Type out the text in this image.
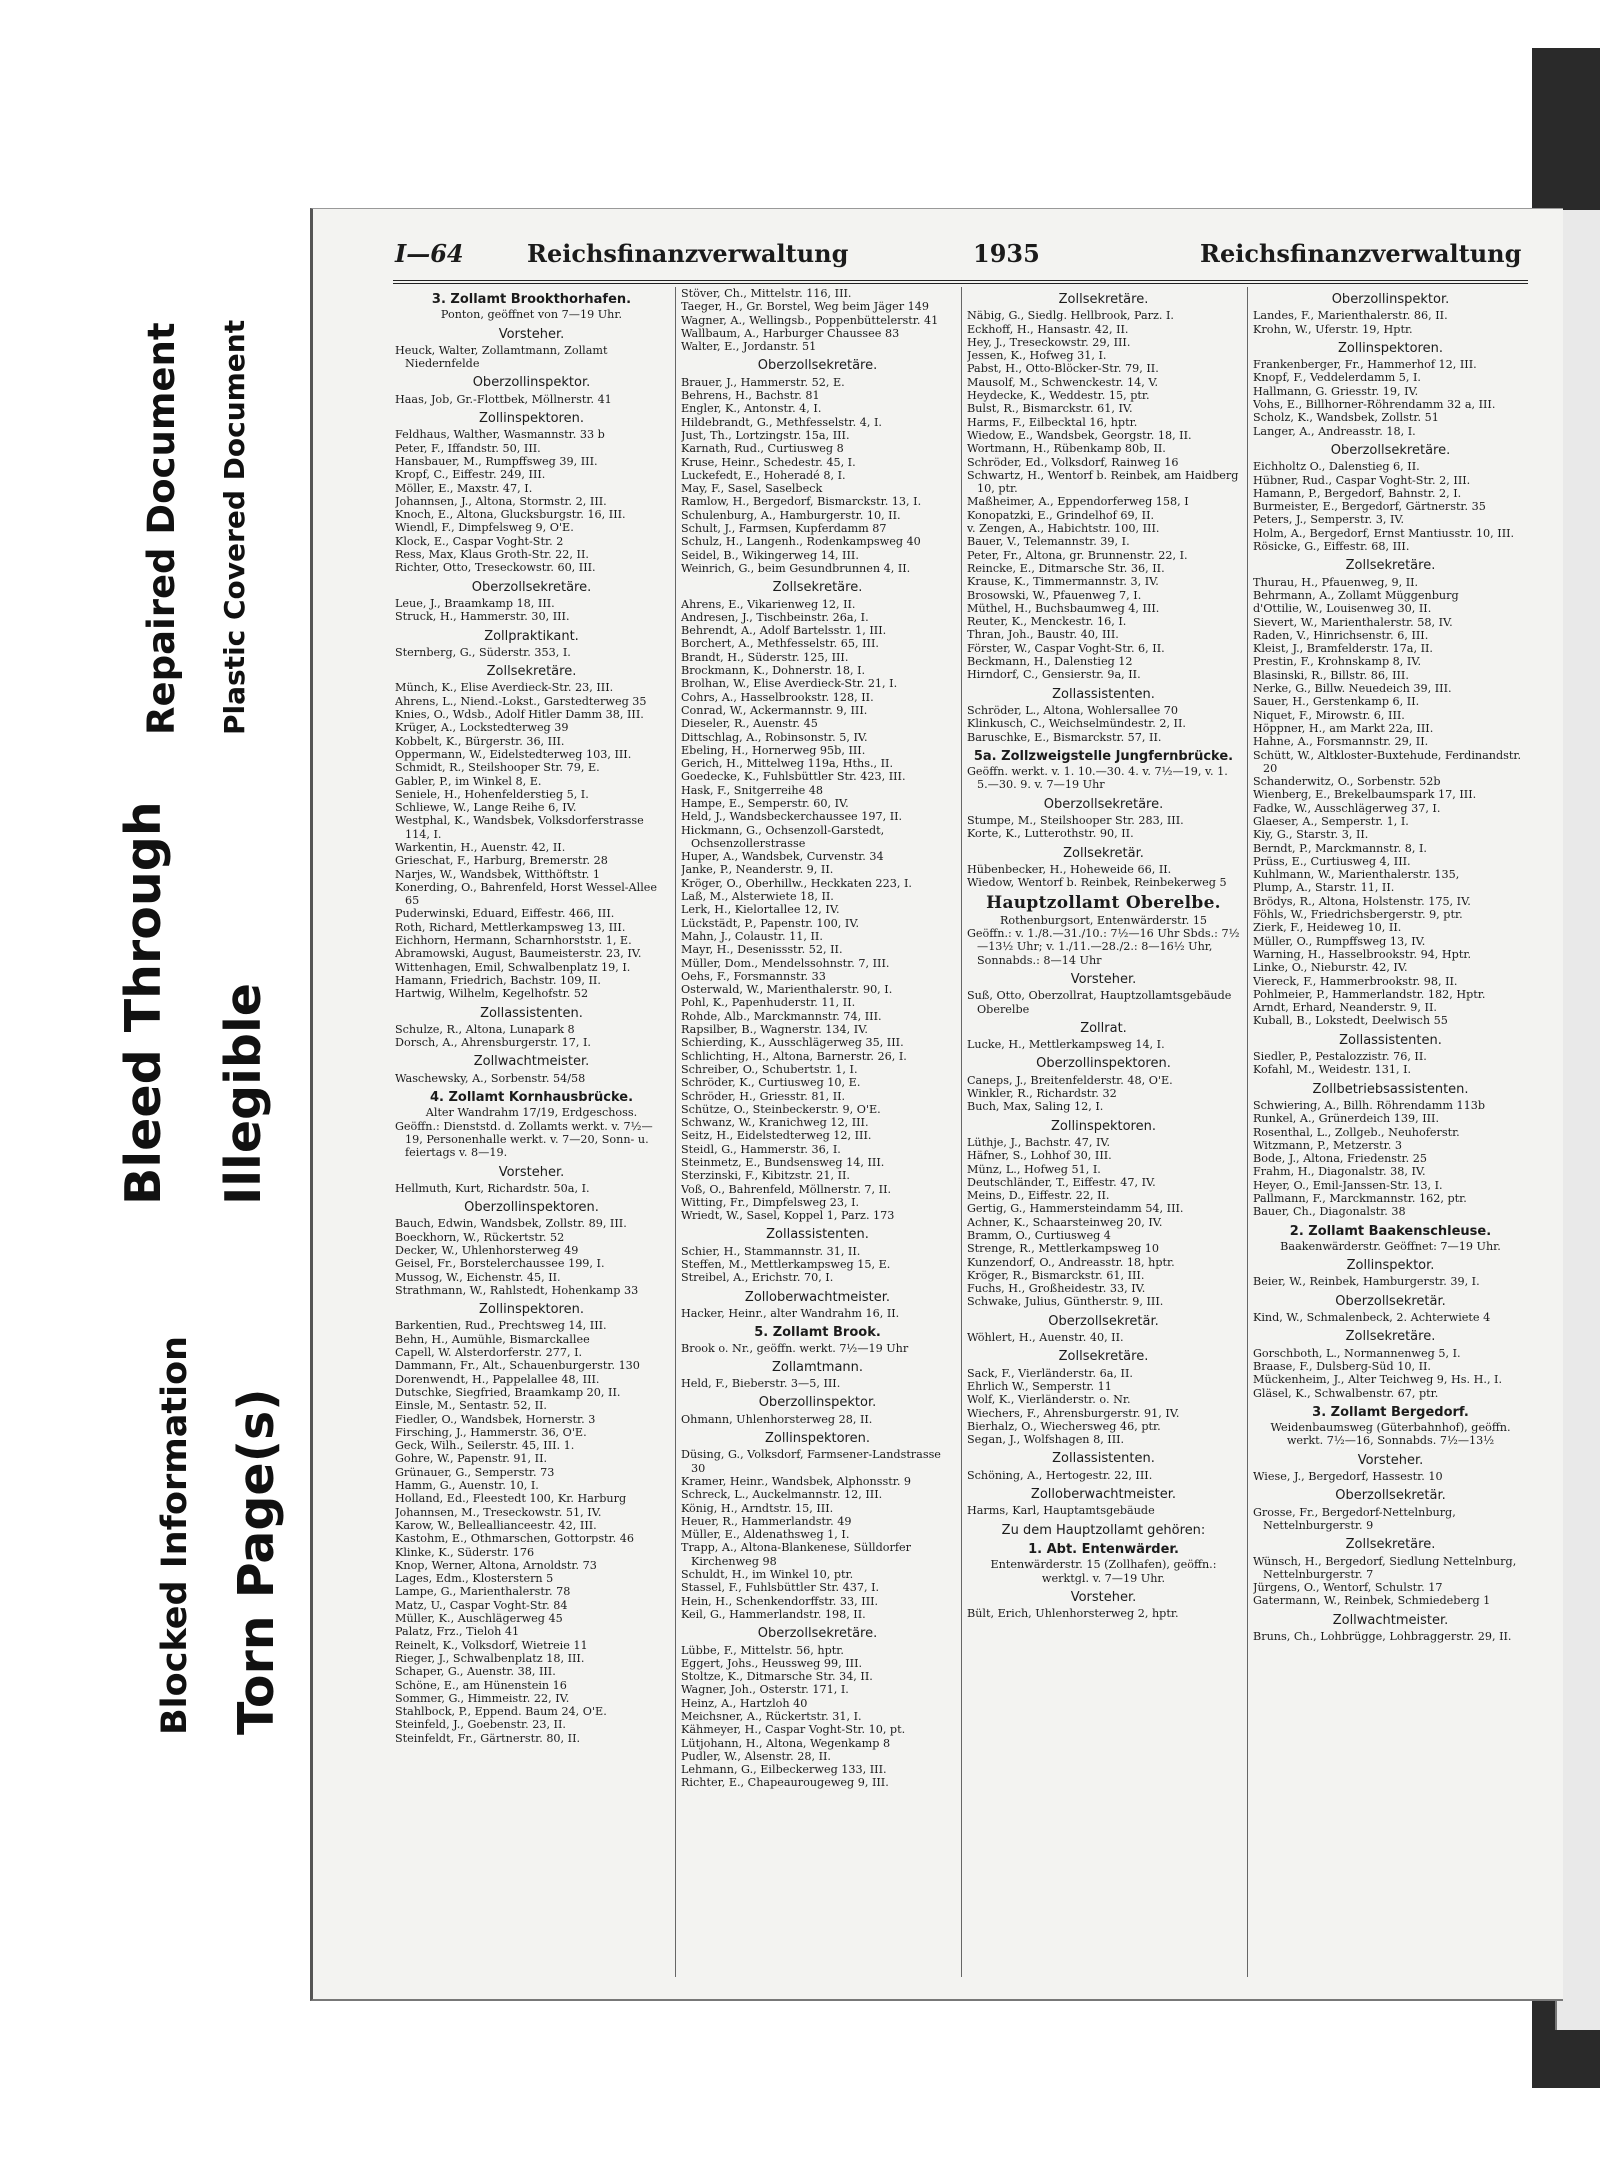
Repaired Document Plastic Covered Document
Bleed Through Illegible
Blocked Information Torn Page(s)
I—64	Reichsfinanzverwaltung	1935	Reichsfinanzverwaltung
3. Zollamt Brookthorhafen.
Ponton, geöffnet von 7—19 Uhr.
Vorsteher.
Heuck, Walter, Zollamtmann, Zollamt Niedernfelde
Oberzollinspektor.
Haas, Job, Gr.-Flottbek, Möllnerstr. 41
Zollinspektoren.
Feldhaus, Walther, Wasmannstr. 33 b
Peter, F., Iffandstr. 50, III.
Hansbauer, M., Rumpffsweg 39, III.
Kropf, C., Eiffestr. 249, III.
Möller, E., Maxstr. 47, I.
Johannsen, J., Altona, Stormstr. 2, III.
Knoch, E., Altona, Glucksburgstr. 16, III.
Wiendl, F., Dimpfelsweg 9, O'E.
Klock, E., Caspar Voght-Str. 2
Ress, Max, Klaus Groth-Str. 22, II.
Richter, Otto, Treseckowstr. 60, III.
Oberzollsekretäre.
Leue, J., Braamkamp 18, III.
Struck, H., Hammerstr. 30, III.
Zollpraktikant.
Sternberg, G., Süderstr. 353, I.
Zollsekretäre.
Münch, K., Elise Averdieck-Str. 23, III.
Ahrens, L., Niend.-Lokst., Garstedterweg 35
Knies, O., Wdsb., Adolf Hitler Damm 38, III.
Krüger, A., Lockstedterweg 39
Kobbelt, K., Bürgerstr. 36, III.
Oppermann, W., Eidelstedterweg 103, III.
Schmidt, R., Steilshooper Str. 79, E.
Gabler, P., im Winkel 8, E.
Seniele, H., Hohenfelderstieg 5, I.
Schliewe, W., Lange Reihe 6, IV.
Westphal, K., Wandsbek, Volksdorferstrasse 114, I.
Warkentin, H., Auenstr. 42, II.
Grieschat, F., Harburg, Bremerstr. 28
Narjes, W., Wandsbek, Witthöftstr. 1
Konerding, O., Bahrenfeld, Horst Wessel-Allee 65
Puderwinski, Eduard, Eiffestr. 466, III.
Roth, Richard, Mettlerkampsweg 13, III.
Eichhorn, Hermann, Scharnhorststr. 1, E.
Abramowski, August, Baumeisterstr. 23, IV.
Wittenhagen, Emil, Schwalbenplatz 19, I.
Hamann, Friedrich, Bachstr. 109, II.
Hartwig, Wilhelm, Kegelhofstr. 52
Zollassistenten.
Schulze, R., Altona, Lunapark 8
Dorsch, A., Ahrensburgerstr. 17, I.
Zollwachtmeister.
Waschewsky, A., Sorbenstr. 54/58
4. Zollamt Kornhausbrücke.
Alter Wandrahm 17/19, Erdgeschoss.
Geöffn.: Dienststd. d. Zollamts werkt. v. 7½—19, Personenhalle werkt. v. 7—20, Sonn- u. feiertags v. 8—19.
Vorsteher.
Hellmuth, Kurt, Richardstr. 50a, I.
Oberzollinspektoren.
Bauch, Edwin, Wandsbek, Zollstr. 89, III.
Boeckhorn, W., Rückertstr. 52
Decker, W., Uhlenhorsterweg 49
Geisel, Fr., Borstelerchaussee 199, I.
Mussog, W., Eichenstr. 45, II.
Strathmann, W., Rahlstedt, Hohenkamp 33
Zollinspektoren.
Barkentien, Rud., Prechtsweg 14, III.
Behn, H., Aumühle, Bismarckallee
Capell, W. Alsterdorferstr. 277, I.
Dammann, Fr., Alt., Schauenburgerstr. 130
Dorenwendt, H., Pappelallee 48, III.
Dutschke, Siegfried, Braamkamp 20, II.
Einsle, M., Sentastr. 52, II.
Fiedler, O., Wandsbek, Hornerstr. 3
Firsching, J., Hammerstr. 36, O'E.
Geck, Wilh., Seilerstr. 45, III. 1.
Gohre, W., Papenstr. 91, II.
Grünauer, G., Semperstr. 73
Hamm, G., Auenstr. 10, I.
Holland, Ed., Fleestedt 100, Kr. Harburg
Johannsen, M., Treseckowstr. 51, IV.
Karow, W., Belleallianceestr. 42, III.
Kastohm, E., Othmarschen, Gottorpstr. 46
Klinke, K., Süderstr. 176
Knop, Werner, Altona, Arnoldstr. 73
Lages, Edm., Klosterstern 5
Lampe, G., Marienthalerstr. 78
Matz, U., Caspar Voght-Str. 84
Müller, K., Auschlägerweg 45
Palatz, Frz., Tieloh 41
Reinelt, K., Volksdorf, Wietreie 11
Rieger, J., Schwalbenplatz 18, III.
Schaper, G., Auenstr. 38, III.
Schöne, E., am Hünenstein 16
Sommer, G., Himmeistr. 22, IV.
Stahlbock, P., Eppend. Baum 24, O'E.
Steinfeld, J., Goebenstr. 23, II.
Steinfeldt, Fr., Gärtnerstr. 80, II.
Stöver, Ch., Mittelstr. 116, III.
Taeger, H., Gr. Borstel, Weg beim Jäger 149
Wagner, A., Wellingsb., Poppenbüttelerstr. 41
Wallbaum, A., Harburger Chaussee 83
Walter, E., Jordanstr. 51
Oberzollsekretäre.
Brauer, J., Hammerstr. 52, E.
Behrens, H., Bachstr. 81
Engler, K., Antonstr. 4, I.
Hildebrandt, G., Methfesselstr. 4, I.
Just, Th., Lortzingstr. 15a, III.
Karnath, Rud., Curtiusweg 8
Kruse, Heinr., Schedestr. 45, I.
Luckefedt, E., Hoheradé 8, I.
May, F., Sasel, Saselbeck
Ramlow, H., Bergedorf, Bismarckstr. 13, I.
Schulenburg, A., Hamburgerstr. 10, II.
Schult, J., Farmsen, Kupferdamm 87
Schulz, H., Langenh., Rodenkampsweg 40
Seidel, B., Wikingerweg 14, III.
Weinrich, G., beim Gesundbrunnen 4, II.
Zollsekretäre.
Ahrens, E., Vikarienweg 12, II.
Andresen, J., Tischbeinstr. 26a, I.
Behrendt, A., Adolf Bartelsstr. 1, III.
Borchert, A., Methfesselstr. 65, III.
Brandt, H., Süderstr. 125, III.
Brockmann, K., Dohnerstr. 18, I.
Brolhan, W., Elise Averdieck-Str. 21, I.
Cohrs, A., Hasselbrookstr. 128, II.
Conrad, W., Ackermannstr. 9, III.
Dieseler, R., Auenstr. 45
Dittschlag, A., Robinsonstr. 5, IV.
Ebeling, H., Hornerweg 95b, III.
Gerich, H., Mittelweg 119a, Hths., II.
Goedecke, K., Fuhlsbüttler Str. 423, III.
Hask, F., Snitgerreihe 48
Hampe, E., Semperstr. 60, IV.
Held, J., Wandsbeckerchaussee 197, II.
Hickmann, G., Ochsenzoll-Garstedt, Ochsenzollerstrasse
Huper, A., Wandsbek, Curvenstr. 34
Janke, P., Neanderstr. 9, II.
Kröger, O., Oberhillw., Heckkaten 223, I.
Laß, M., Alsterwiete 18, II.
Lerk, H., Kielortallee 12, IV.
Lückstädt, P., Papenstr. 100, IV.
Mahn, J., Colaustr. 11, II.
Mayr, H., Desenissstr. 52, II.
Müller, Dom., Mendelssohnstr. 7, III.
Oehs, F., Forsmannstr. 33
Osterwald, W., Marienthalerstr. 90, I.
Pohl, K., Papenhuderstr. 11, II.
Rohde, Alb., Marckmannstr. 74, III.
Rapsilber, B., Wagnerstr. 134, IV.
Schierding, K., Ausschlägerweg 35, III.
Schlichting, H., Altona, Barnerstr. 26, I.
Schreiber, O., Schubertstr. 1, I.
Schröder, K., Curtiusweg 10, E.
Schröder, H., Griesstr. 81, II.
Schütze, O., Steinbeckerstr. 9, O'E.
Schwanz, W., Kranichweg 12, III.
Seitz, H., Eidelstedterweg 12, III.
Steidl, G., Hammerstr. 36, I.
Steinmetz, E., Bundsensweg 14, III.
Sterzinski, F., Kibitzstr. 21, II.
Voß, O., Bahrenfeld, Möllnerstr. 7, II.
Witting, Fr., Dimpfelsweg 23, I.
Wriedt, W., Sasel, Koppel 1, Parz. 173
Zollassistenten.
Schier, H., Stammannstr. 31, II.
Steffen, M., Mettlerkampsweg 15, E.
Streibel, A., Erichstr. 70, I.
Zolloberwachtmeister.
Hacker, Heinr., alter Wandrahm 16, II.
5. Zollamt Brook.
Brook o. Nr., geöffn. werkt. 7½—19 Uhr
Zollamtmann.
Held, F., Bieberstr. 3—5, III.
Oberzollinspektor.
Ohmann, Uhlenhorsterweg 28, II.
Zollinspektoren.
Düsing, G., Volksdorf, Farmsener-Landstrasse 30
Kramer, Heinr., Wandsbek, Alphonsstr. 9
Schreck, L., Auckelmannstr. 12, III.
König, H., Arndtstr. 15, III.
Heuer, R., Hammerlandstr. 49
Müller, E., Aldenathsweg 1, I.
Trapp, A., Altona-Blankenese, Sülldorfer Kirchenweg 98
Schuldt, H., im Winkel 10, ptr.
Stassel, F., Fuhlsbüttler Str. 437, I.
Hein, H., Schenkendorffstr. 33, III.
Keil, G., Hammerlandstr. 198, II.
Oberzollsekretäre.
Lübbe, F., Mittelstr. 56, hptr.
Eggert, Johs., Heussweg 99, III.
Stoltze, K., Ditmarsche Str. 34, II.
Wagner, Joh., Osterstr. 171, I.
Heinz, A., Hartzloh 40
Meichsner, A., Rückertstr. 31, I.
Kähmeyer, H., Caspar Voght-Str. 10, pt.
Lütjohann, H., Altona, Wegenkamp 8
Pudler, W., Alsenstr. 28, II.
Lehmann, G., Eilbeckerweg 133, III.
Richter, E., Chapeaurougeweg 9, III.
Zollsekretäre.
Näbig, G., Siedlg. Hellbrook, Parz. I.
Eckhoff, H., Hansastr. 42, II.
Hey, J., Treseckowstr. 29, III.
Jessen, K., Hofweg 31, I.
Pabst, H., Otto-Blöcker-Str. 79, II.
Mausolf, M., Schwenckestr. 14, V.
Heydecke, K., Weddestr. 15, ptr.
Bulst, R., Bismarckstr. 61, IV.
Harms, F., Eilbecktal 16, hptr.
Wiedow, E., Wandsbek, Georgstr. 18, II.
Wortmann, H., Rübenkamp 80b, II.
Schröder, Ed., Volksdorf, Rainweg 16
Schwartz, H., Wentorf b. Reinbek, am Haidberg 10, ptr.
Maßheimer, A., Eppendorferweg 158, I
Konopatzki, E., Grindelhof 69, II.
v. Zengen, A., Habichtstr. 100, III.
Bauer, V., Telemannstr. 39, I.
Peter, Fr., Altona, gr. Brunnenstr. 22, I.
Reincke, E., Ditmarsche Str. 36, II.
Krause, K., Timmermannstr. 3, IV.
Brosowski, W., Pfauenweg 7, I.
Müthel, H., Buchsbaumweg 4, III.
Reuter, K., Menckestr. 16, I.
Thran, Joh., Baustr. 40, III.
Förster, W., Caspar Voght-Str. 6, II.
Beckmann, H., Dalenstieg 12
Hirndorf, C., Gensierstr. 9a, II.
Zollassistenten.
Schröder, L., Altona, Wohlersallee 70
Klinkusch, C., Weichselmündestr. 2, II.
Baruschke, E., Bismarckstr. 57, II.
5a. Zollzweigstelle Jungfernbrücke.
Geöffn. werkt. v. 1. 10.—30. 4. v. 7½—19, v. 1. 5.—30. 9. v. 7—19 Uhr
Oberzollsekretäre.
Stumpe, M., Steilshooper Str. 283, III.
Korte, K., Lutterothstr. 90, II.
Zollsekretär.
Hübenbecker, H., Hoheweide 66, II.
Wiedow, Wentorf b. Reinbek, Reinbekerweg 5
Hauptzollamt Oberelbe.
Rothenburgsort, Entenwärderstr. 15
Geöffn.: v. 1./8.—31./10.: 7½—16 Uhr Sbds.: 7½—13½ Uhr; v. 1./11.—28./2.: 8—16½ Uhr, Sonnabds.: 8—14 Uhr
Vorsteher.
Suß, Otto, Oberzollrat, Hauptzollamtsgebäude Oberelbe
Zollrat.
Lucke, H., Mettlerkampsweg 14, I.
Oberzollinspektoren.
Caneps, J., Breitenfelderstr. 48, O'E.
Winkler, R., Richardstr. 32
Buch, Max, Saling 12, I.
Zollinspektoren.
Lüthje, J., Bachstr. 47, IV.
Häfner, S., Lohhof 30, III.
Münz, L., Hofweg 51, I.
Deutschländer, T., Eiffestr. 47, IV.
Meins, D., Eiffestr. 22, II.
Gertig, G., Hammersteindamm 54, III.
Achner, K., Schaarsteinweg 20, IV.
Bramm, O., Curtiusweg 4
Strenge, R., Mettlerkampsweg 10
Kunzendorf, O., Andreasstr. 18, hptr.
Kröger, R., Bismarckstr. 61, III.
Fuchs, H., Großheidestr. 33, IV.
Schwake, Julius, Güntherstr. 9, III.
Oberzollsekretär.
Wöhlert, H., Auenstr. 40, II.
Zollsekretäre.
Sack, F., Vierländerstr. 6a, II.
Ehrlich W., Semperstr. 11
Wolf, K., Vierländerstr. o. Nr.
Wiechers, F., Ahrensburgerstr. 91, IV.
Bierhalz, O., Wiechersweg 46, ptr.
Segan, J., Wolfshagen 8, III.
Zollassistenten.
Schöning, A., Hertogestr. 22, III.
Zolloberwachtmeister.
Harms, Karl, Hauptamtsgebäude
Zu dem Hauptzollamt gehören:
1. Abt. Entenwärder.
Entenwärderstr. 15 (Zollhafen), geöffn.: werktgl. v. 7—19 Uhr.
Vorsteher.
Bült, Erich, Uhlenhorsterweg 2, hptr.
Oberzollinspektor.
Landes, F., Marienthalerstr. 86, II.
Krohn, W., Uferstr. 19, Hptr.
Zollinspektoren.
Frankenberger, Fr., Hammerhof 12, III.
Knopf, F., Veddelerdamm 5, I.
Hallmann, G. Griesstr. 19, IV.
Vohs, E., Billhorner-Röhrendamm 32 a, III.
Scholz, K., Wandsbek, Zollstr. 51
Langer, A., Andreasstr. 18, I.
Oberzollsekretäre.
Eichholtz O., Dalenstieg 6, II.
Hübner, Rud., Caspar Voght-Str. 2, III.
Hamann, P., Bergedorf, Bahnstr. 2, I.
Burmeister, E., Bergedorf, Gärtnerstr. 35
Peters, J., Semperstr. 3, IV.
Holm, A., Bergedorf, Ernst Mantiusstr. 10, III.
Rösicke, G., Eiffestr. 68, III.
Zollsekretäre.
Thurau, H., Pfauenweg, 9, II.
Behrmann, A., Zollamt Müggenburg
d'Ottilie, W., Louisenweg 30, II.
Sievert, W., Marienthalerstr. 58, IV.
Raden, V., Hinrichsenstr. 6, III.
Kleist, J., Bramfelderstr. 17a, II.
Prestin, F., Krohnskamp 8, IV.
Blasinski, R., Billstr. 86, III.
Nerke, G., Billw. Neuedeich 39, III.
Sauer, H., Gerstenkamp 6, II.
Niquet, F., Mirowstr. 6, III.
Höppner, H., am Markt 22a, III.
Hahne, A., Forsmannstr. 29, II.
Schütt, W., Altkloster-Buxtehude, Ferdinandstr. 20
Schanderwitz, O., Sorbenstr. 52b
Wienberg, E., Brekelbaumspark 17, III.
Fadke, W., Ausschlägerweg 37, I.
Glaeser, A., Semperstr. 1, I.
Kiy, G., Starstr. 3, II.
Berndt, P., Marckmannstr. 8, I.
Prüss, E., Curtiusweg 4, III.
Kuhlmann, W., Marienthalerstr. 135,
Plump, A., Starstr. 11, II.
Brödys, R., Altona, Holstenstr. 175, IV.
Föhls, W., Friedrichsbergerstr. 9, ptr.
Zierk, F., Heideweg 10, II.
Müller, O., Rumpffsweg 13, IV.
Warning, H., Hasselbrookstr. 94, Hptr.
Linke, O., Nieburstr. 42, IV.
Viereck, F., Hammerbrookstr. 98, II.
Pohlmeier, P., Hammerlandstr. 182, Hptr.
Arndt, Erhard, Neanderstr. 9, II.
Kuball, B., Lokstedt, Deelwisch 55
Zollassistenten.
Siedler, P., Pestalozzistr. 76, II.
Kofahl, M., Weidestr. 131, I.
Zollbetriebsassistenten.
Schwiering, A., Billh. Röhrendamm 113b
Runkel, A., Grünerdeich 139, III.
Rosenthal, L., Zollgeb., Neuhoferstr.
Witzmann, P., Metzerstr. 3
Bode, J., Altona, Friedenstr. 25
Frahm, H., Diagonalstr. 38, IV.
Heyer, O., Emil-Janssen-Str. 13, I.
Pallmann, F., Marckmannstr. 162, ptr.
Bauer, Ch., Diagonalstr. 38
2. Zollamt Baakenschleuse.
Baakenwärderstr. Geöffnet: 7—19 Uhr.
Zollinspektor.
Beier, W., Reinbek, Hamburgerstr. 39, I.
Oberzollsekretär.
Kind, W., Schmalenbeck, 2. Achterwiete 4
Zollsekretäre.
Gorschboth, L., Normannenweg 5, I.
Braase, F., Dulsberg-Süd 10, II.
Mückenheim, J., Alter Teichweg 9, Hs. H., I.
Gläsel, K., Schwalbenstr. 67, ptr.
3. Zollamt Bergedorf.
Weidenbaumsweg (Güterbahnhof), geöffn. werkt. 7½—16, Sonnabds. 7½—13½
Vorsteher.
Wiese, J., Bergedorf, Hassestr. 10
Oberzollsekretär.
Grosse, Fr., Bergedorf-Nettelnburg, Nettelnburgerstr. 9
Zollsekretäre.
Wünsch, H., Bergedorf, Siedlung Nettelnburg, Nettelnburgerstr. 7
Jürgens, O., Wentorf, Schulstr. 17
Gatermann, W., Reinbek, Schmiedeberg 1
Zollwachtmeister.
Bruns, Ch., Lohbrügge, Lohbraggerstr. 29, II.
